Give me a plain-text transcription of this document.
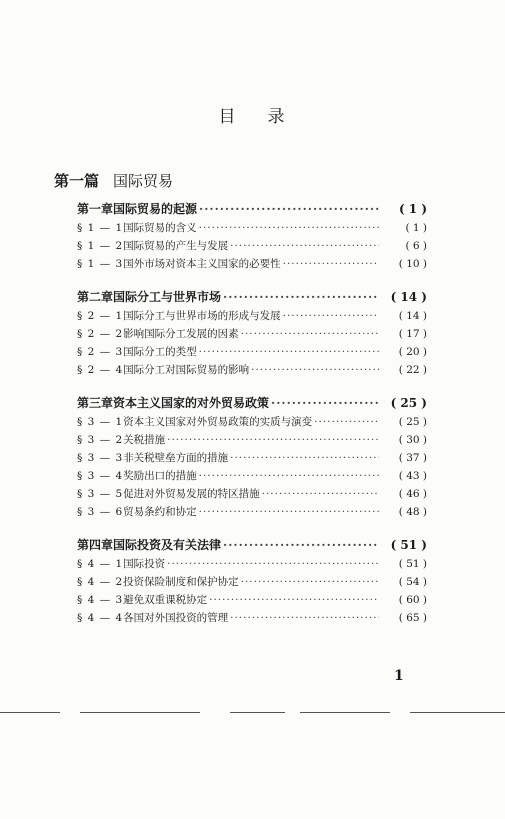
目 录
第一篇 国际贸易
第一章 国际贸易的起源 ·····	( 1 )
§ 1 — 1 国际贸易的含义 ·····	( 1 )
§ 1 — 2 国际贸易的产生与发展 ·····	( 6 )
§ 1 — 3 国外市场对资本主义国家的必要性 ·····	( 10 )
第二章 国际分工与世界市场 ·····	( 14 )
§ 2 — 1 国际分工与世界市场的形成与发展 ·····	( 14 )
§ 2 — 2 影响国际分工发展的因素 ·····	( 17 )
§ 2 — 3 国际分工的类型 ·····	( 20 )
§ 2 — 4 国际分工对国际贸易的影响 ·····	( 22 )
第三章 资本主义国家的对外贸易政策 ·····	( 25 )
§ 3 — 1 资本主义国家对外贸易政策的实质与演变 ·····	( 25 )
§ 3 — 2 关税措施 ·····	( 30 )
§ 3 — 3 非关税壁垒方面的措施 ·····	( 37 )
§ 3 — 4 奖励出口的措施 ·····	( 43 )
§ 3 — 5 促进对外贸易发展的特区措施 ·····	( 46 )
§ 3 — 6 贸易条约和协定 ·····	( 48 )
第四章 国际投资及有关法律 ·····	( 51 )
§ 4 — 1 国际投资 ·····	( 51 )
§ 4 — 2 投资保险制度和保护协定 ·····	( 54 )
§ 4 — 3 避免双重课税协定 ·····	( 60 )
§ 4 — 4 各国对外国投资的管理 ·····	( 65 )
1
